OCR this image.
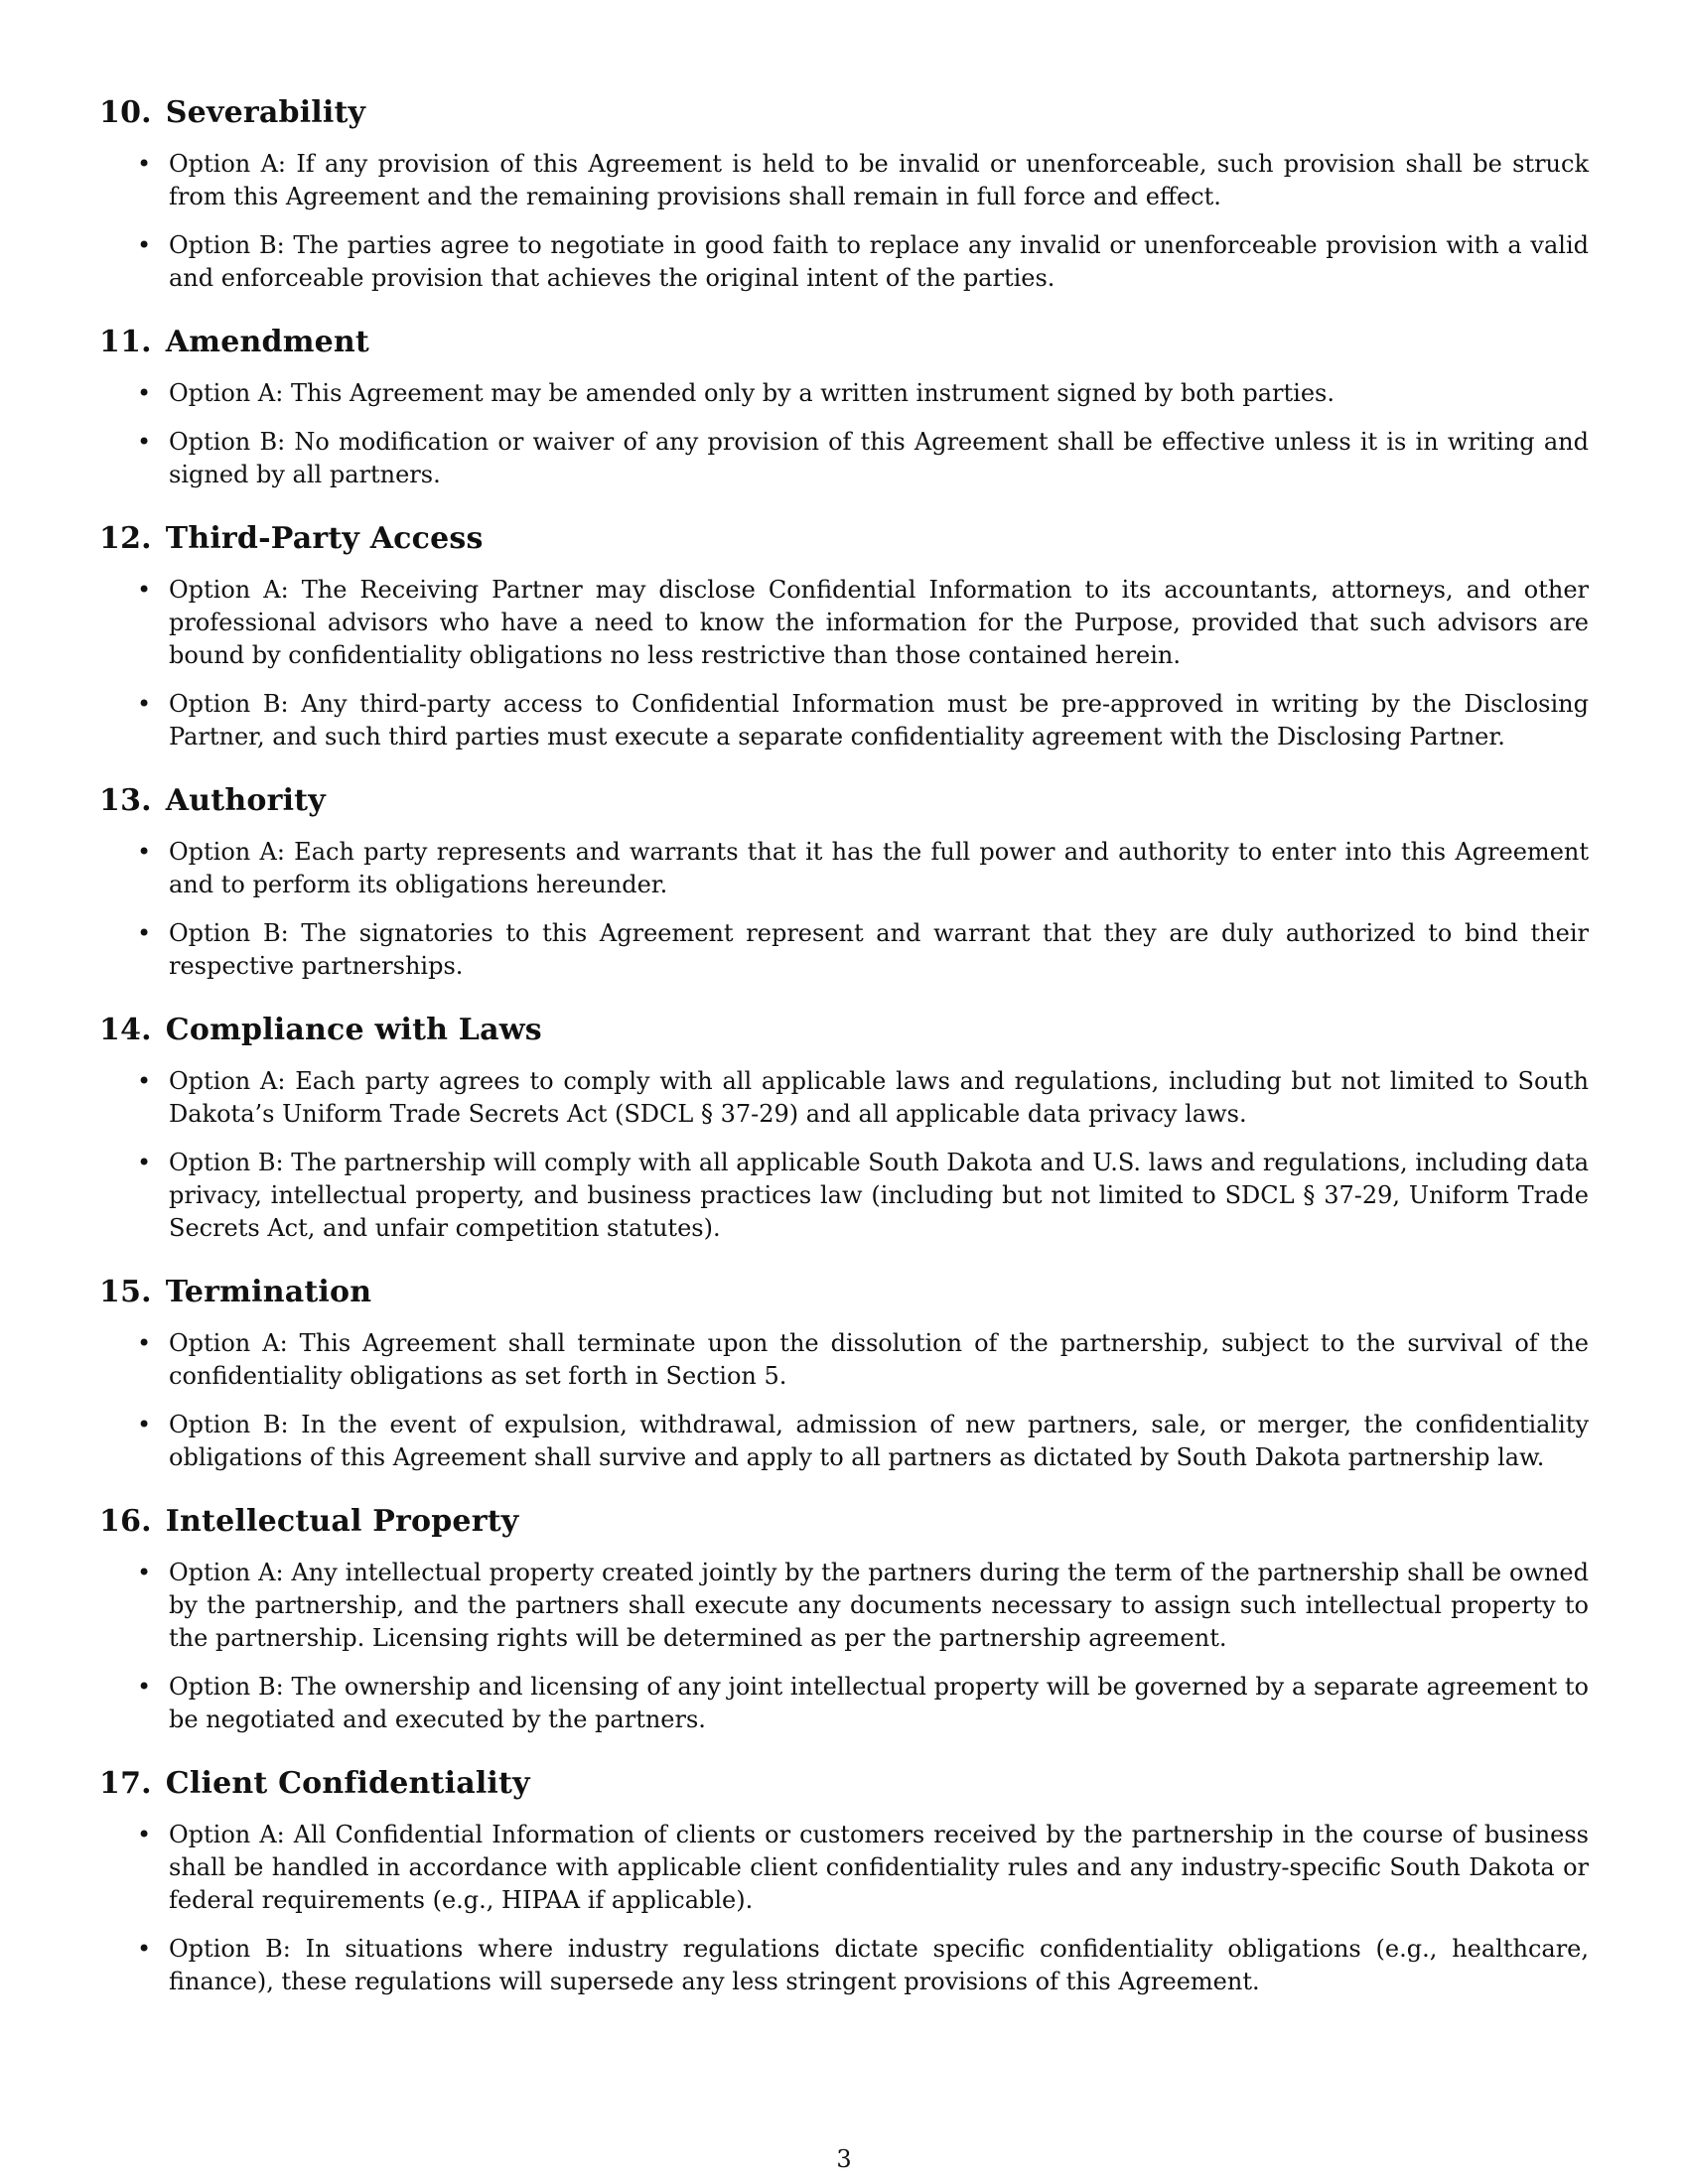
10. Severability
• Option A: If any provision of this Agreement is held to be invalid or unenforceable, such provision shall be struck from this Agreement and the remaining provisions shall remain in full force and effect.
• Option B: The parties agree to negotiate in good faith to replace any invalid or unenforceable provision with a valid and enforceable provision that achieves the original intent of the parties.
11. Amendment
• Option A: This Agreement may be amended only by a written instrument signed by both parties.
• Option B: No modification or waiver of any provision of this Agreement shall be effective unless it is in writing and signed by all partners.
12. Third-Party Access
• Option A: The Receiving Partner may disclose Confidential Information to its accountants, attorneys, and other professional advisors who have a need to know the information for the Purpose, provided that such advisors are bound by confidentiality obligations no less restrictive than those contained herein.
• Option B: Any third-party access to Confidential Information must be pre-approved in writing by the Disclosing Partner, and such third parties must execute a separate confidentiality agreement with the Disclosing Partner.
13. Authority
• Option A: Each party represents and warrants that it has the full power and authority to enter into this Agreement and to perform its obligations hereunder.
• Option B: The signatories to this Agreement represent and warrant that they are duly authorized to bind their respective partnerships.
14. Compliance with Laws
• Option A: Each party agrees to comply with all applicable laws and regulations, including but not limited to South Dakota’s Uniform Trade Secrets Act (SDCL § 37-29) and all applicable data privacy laws.
• Option B: The partnership will comply with all applicable South Dakota and U.S. laws and regulations, including data privacy, intellectual property, and business practices law (including but not limited to SDCL § 37-29, Uniform Trade Secrets Act, and unfair competition statutes).
15. Termination
• Option A: This Agreement shall terminate upon the dissolution of the partnership, subject to the survival of the confidentiality obligations as set forth in Section 5.
• Option B: In the event of expulsion, withdrawal, admission of new partners, sale, or merger, the confidentiality obligations of this Agreement shall survive and apply to all partners as dictated by South Dakota partnership law.
16. Intellectual Property
• Option A: Any intellectual property created jointly by the partners during the term of the partnership shall be owned by the partnership, and the partners shall execute any documents necessary to assign such intellectual property to the partnership. Licensing rights will be determined as per the partnership agreement.
• Option B: The ownership and licensing of any joint intellectual property will be governed by a separate agreement to be negotiated and executed by the partners.
17. Client Confidentiality
• Option A: All Confidential Information of clients or customers received by the partnership in the course of business shall be handled in accordance with applicable client confidentiality rules and any industry-specific South Dakota or federal requirements (e.g., HIPAA if applicable).
• Option B: In situations where industry regulations dictate specific confidentiality obligations (e.g., healthcare, finance), these regulations will supersede any less stringent provisions of this Agreement.
3
